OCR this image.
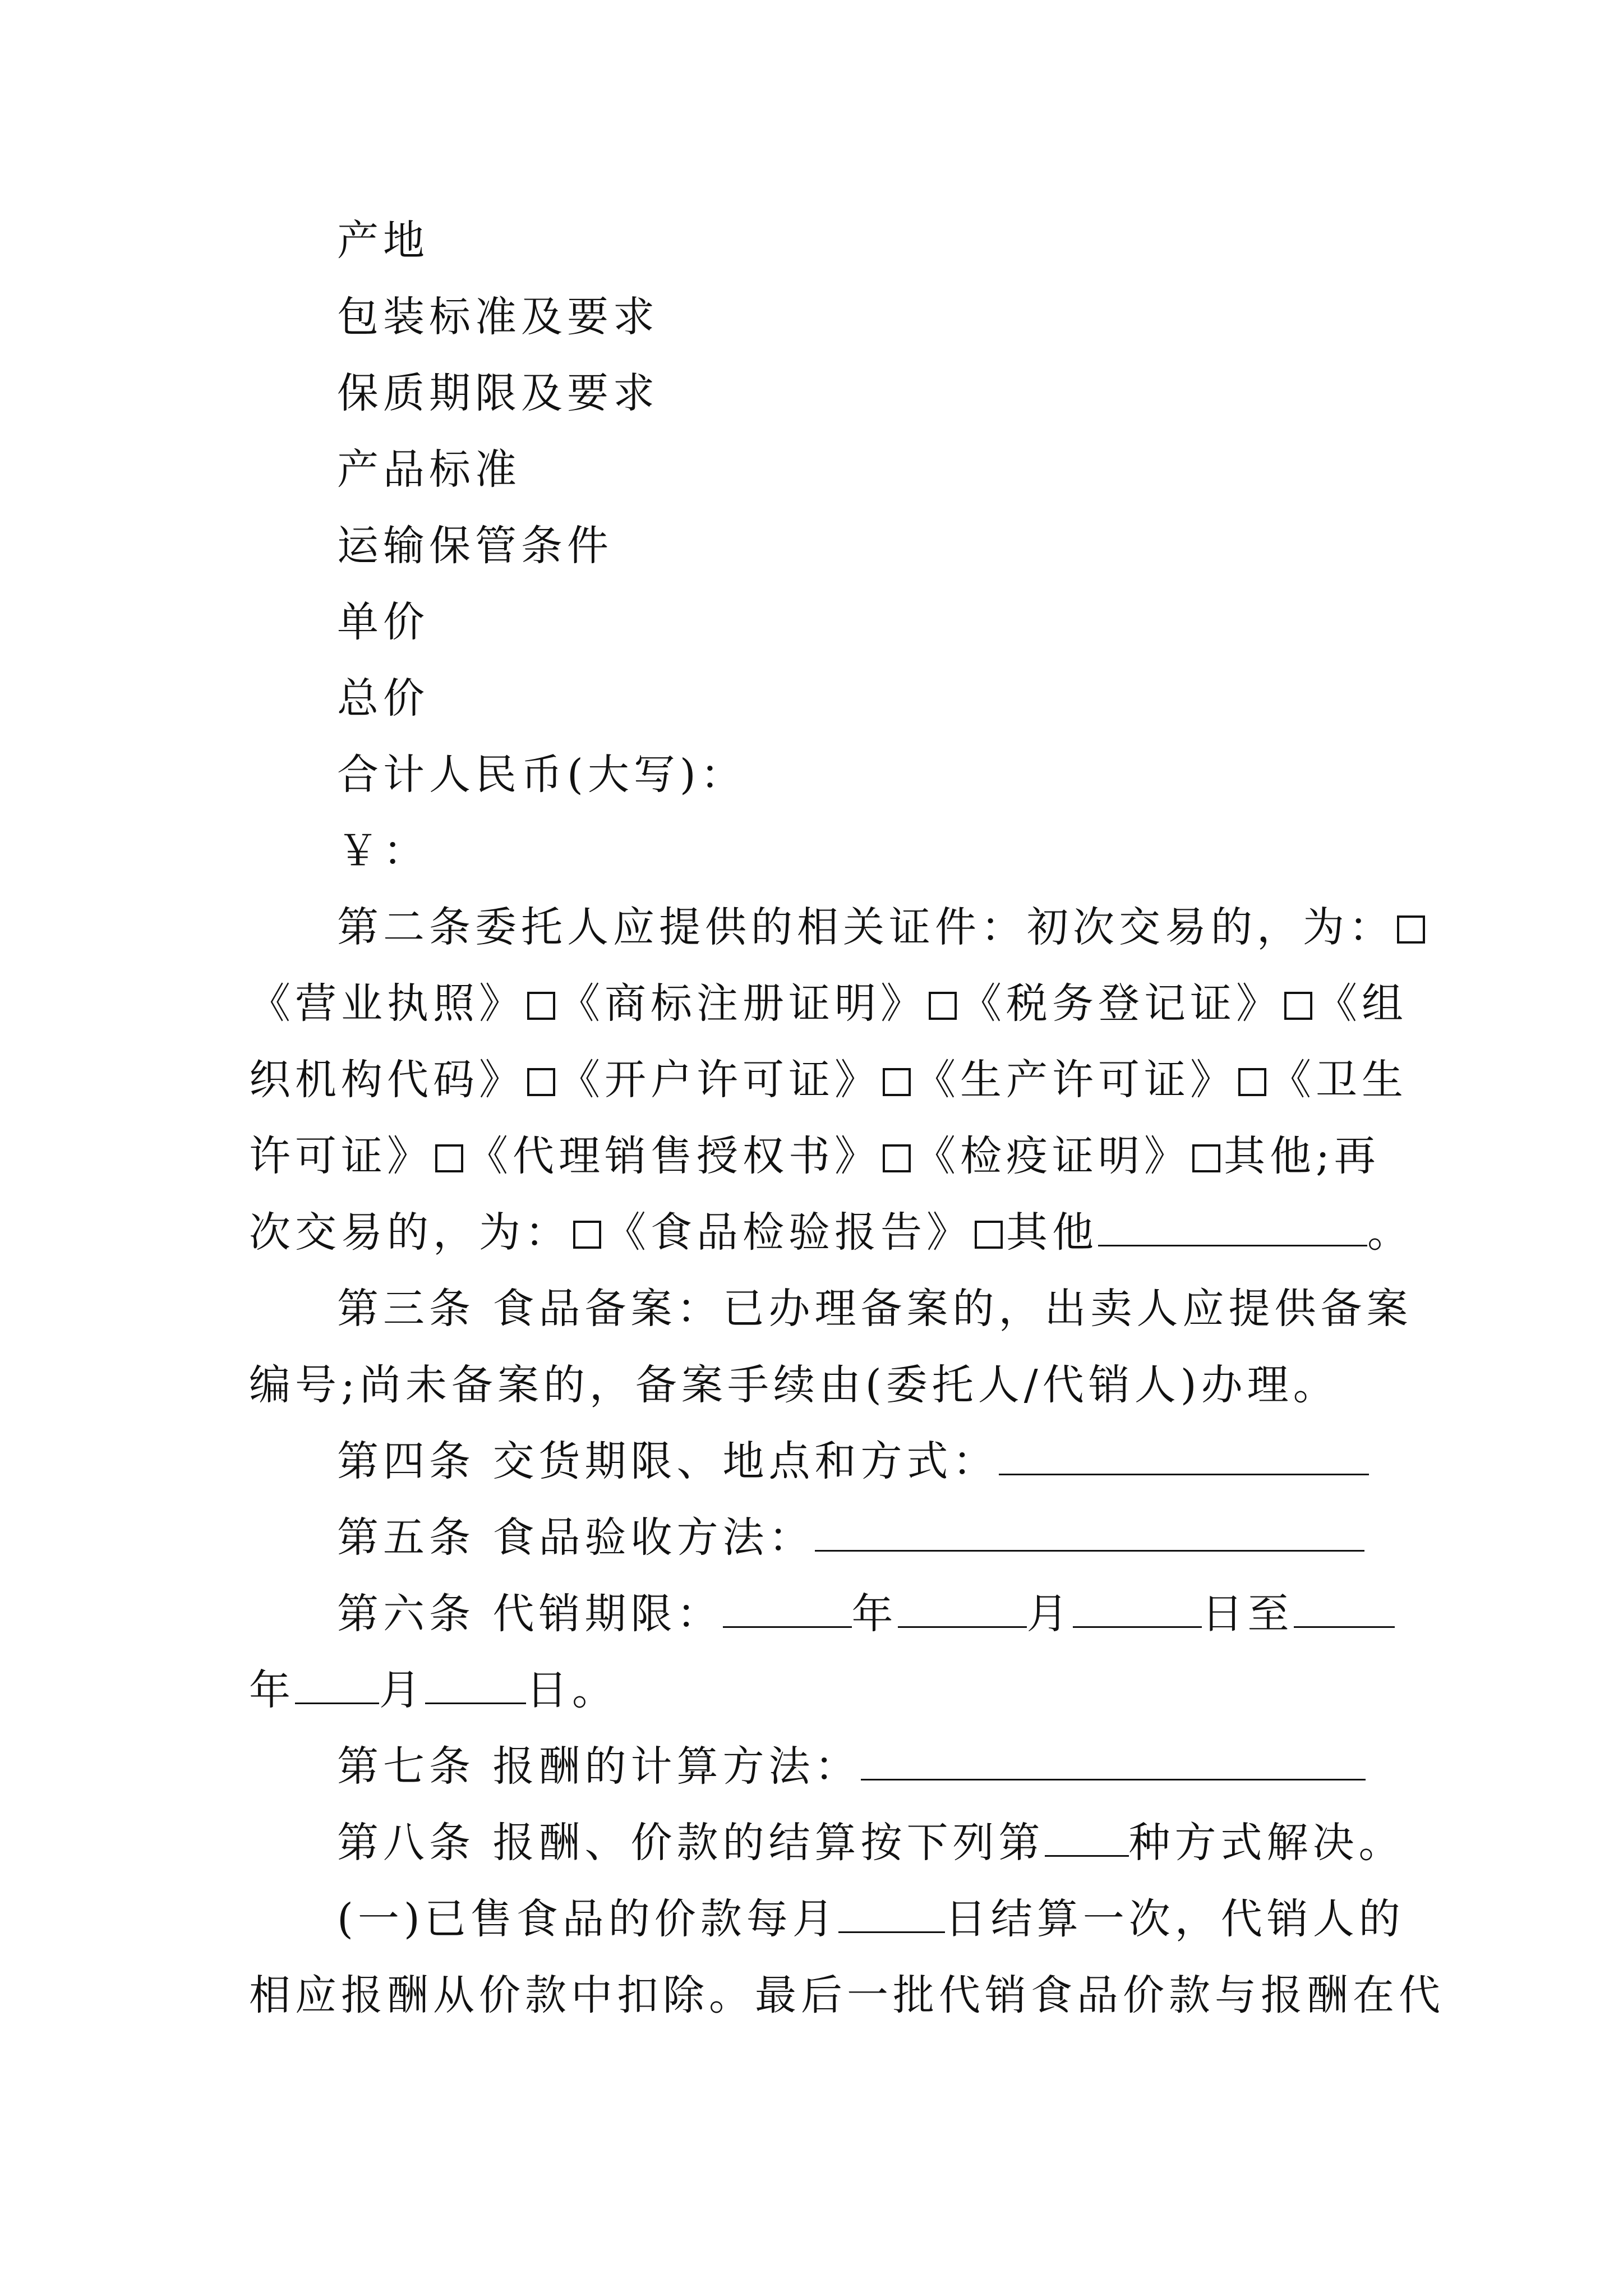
产地
包装标准及要求
保质期限及要求
产品标准
运输保管条件
单价
总价
合计人民币(大写)：
￥：
第二条委托人应提供的相关证件：初次交易的，为：
《营业执照》 《商标注册证明》 《税务登记证》 《组
织机构代码》 《开户许可证》 《生产许可证》 《卫生
许可证》 《代理销售授权书》 《检疫证明》 其他;再
次交易的，为： 《食品检验报告》 其他	。
第三条 食品备案：已办理备案的，出卖人应提供备案
编号;尚未备案的，备案手续由(委托人/代销人)办理。
第四条 交货期限、地点和方式：
第五条 食品验收方法：
第六条 代销期限：	年	月	日至
年 月 日。
第七条 报酬的计算方法：
第八条 报酬、价款的结算按下列第 种方式解决。
(一)已售食品的价款每月	日结算一次，代销人的
相应报酬从价款中扣除。最后一批代销食品价款与报酬在代
